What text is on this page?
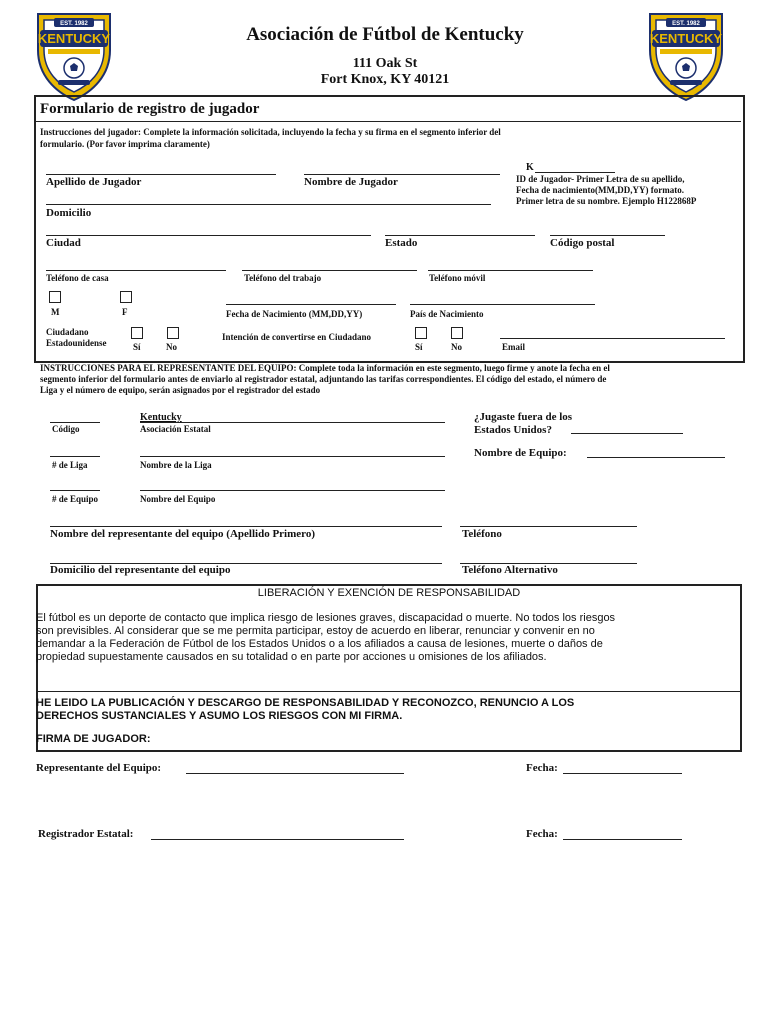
EST. 1982
KENTUCKY
EST. 1982
KENTUCKY
Asociación de Fútbol de Kentucky
111 Oak St
Fort Knox, KY 40121
Formulario de registro de jugador
Instrucciones del jugador: Complete la información solicitada, incluyendo la fecha y su firma en el segmento inferior del
formulario. (Por favor imprima claramente)
K
Apellido de Jugador	Nombre de Jugador	ID de Jugador- Primer Letra de su apellido,
Fecha de nacimiento(MM,DD,YY) formato.
Primer letra de su nombre. Ejemplo H122868P
Domicilio
Ciudad	Estado	Código postal
Teléfono de casa	Teléfono del trabajo	Teléfono móvil
M	F	Fecha de Nacimiento (MM,DD,YY)	País de Nacimiento
Ciudadano
Estadounidense	Sí	No
Intención de convertirse en Ciudadano
Sí	No	Email
INSTRUCCIONES PARA EL REPRESENTANTE DEL EQUIPO: Complete toda la información en este segmento, luego firme y anote la fecha en el
segmento inferior del formulario antes de enviarlo al registrador estatal, adjuntando las tarifas correspondientes. El código del estado, el número de
Liga y el número de equipo, serán asignados por el registrador del estado
Código
Kentucky
Asociación Estatal
¿Jugaste fuera de los
Estados Unidos?
# de Liga	Nombre de la Liga
Nombre de Equipo:
# de Equipo	Nombre del Equipo
Nombre del representante del equipo (Apellido Primero)	Teléfono
Domicilio del representante del equipo	Teléfono Alternativo
LIBERACIÓN Y EXENCIÓN DE RESPONSABILIDAD
El fútbol es un deporte de contacto que implica riesgo de lesiones graves, discapacidad o muerte. No todos los riesgos
son previsibles. Al considerar que se me permita participar, estoy de acuerdo en liberar, renunciar y convenir en no
demandar a la Federación de Fútbol de los Estados Unidos o a los afiliados a causa de lesiones, muerte o daños de
propiedad supuestamente causados en su totalidad o en parte por acciones u omisiones de los afiliados.
HE LEIDO LA PUBLICACIÓN Y DESCARGO DE RESPONSABILIDAD Y RECONOZCO, RENUNCIO A LOS
DERECHOS SUSTANCIALES Y ASUMO LOS RIESGOS CON MI FIRMA.
FIRMA DE JUGADOR:
Representante del Equipo:	Fecha:
Registrador Estatal:	Fecha:
